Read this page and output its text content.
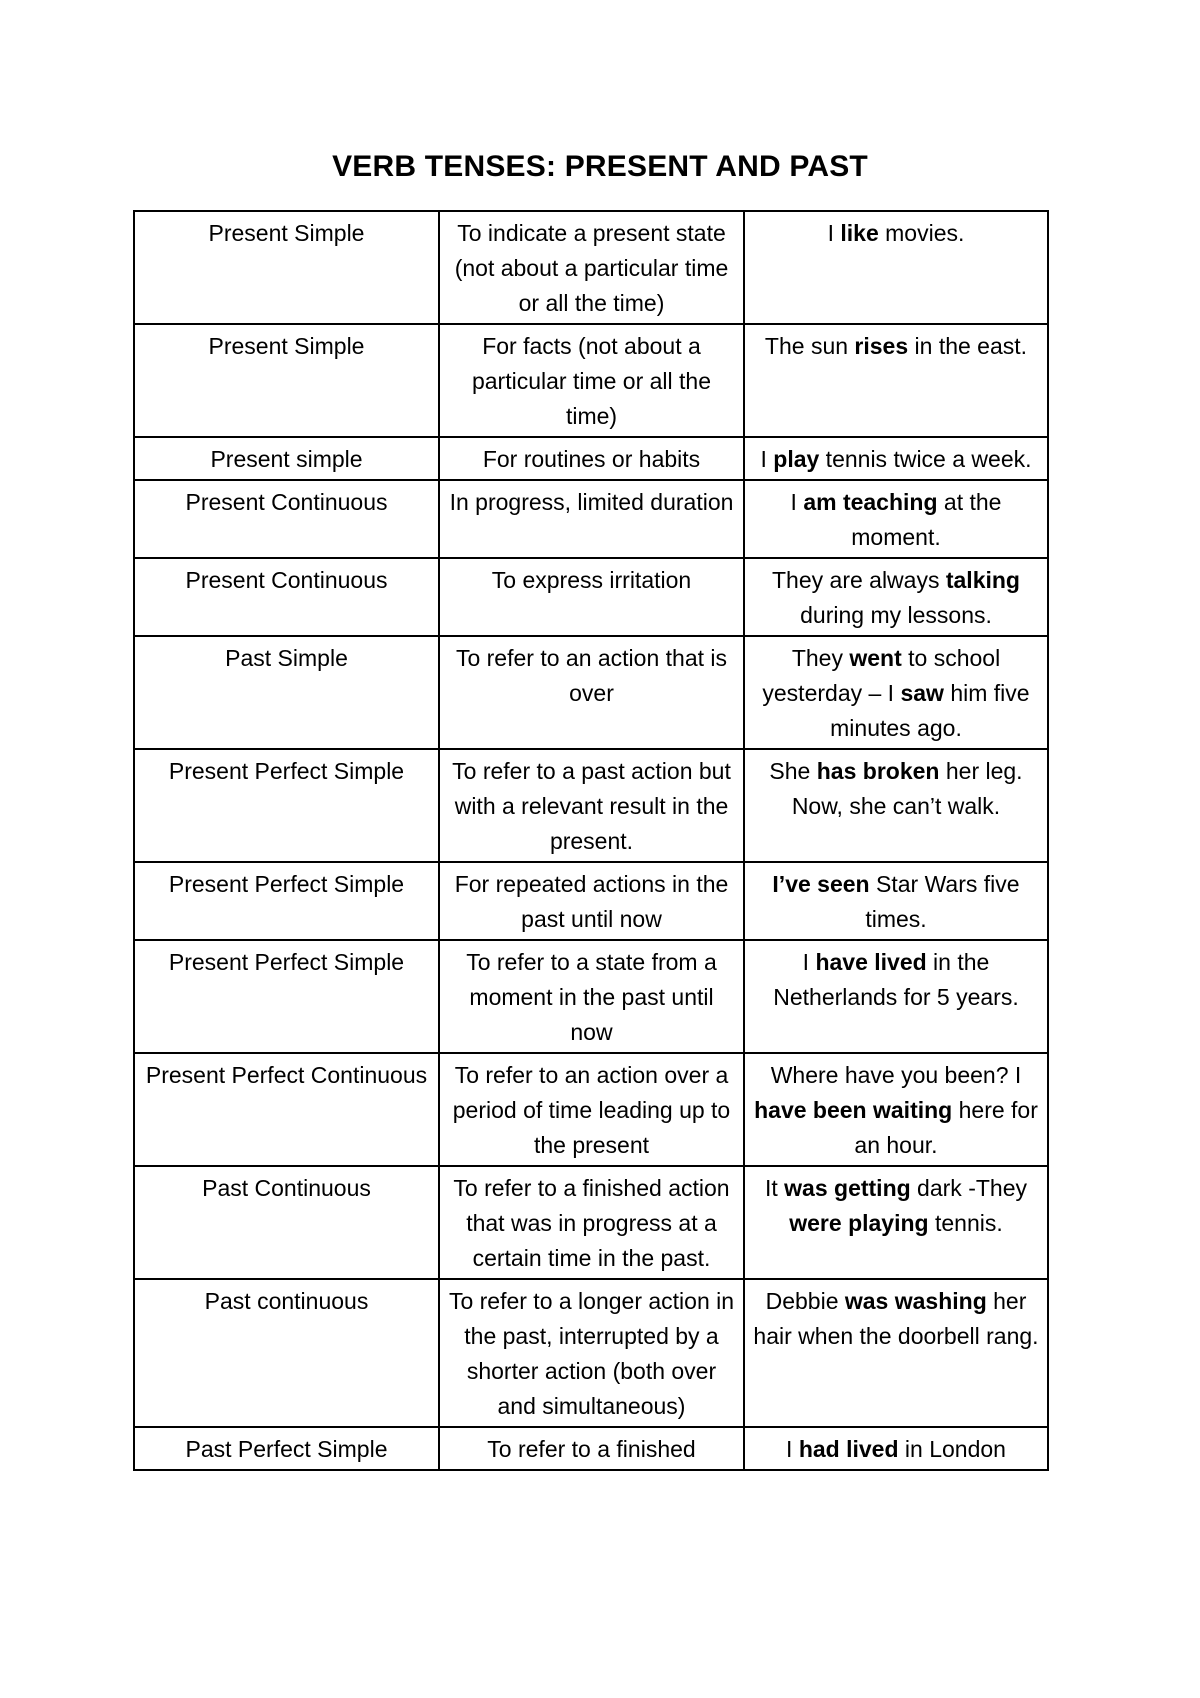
VERB TENSES: PRESENT AND PAST
Present Simple	To indicate a present state (not about a particular time or all the time)	I like movies.
Present Simple	For facts (not about a particular time or all the time)	The sun rises in the east.
Present simple	For routines or habits	I play tennis twice a week.
Present Continuous	In progress, limited duration	I am teaching at the moment.
Present Continuous	To express irritation	They are always talking during my lessons.
Past Simple	To refer to an action that is over	They went to school yesterday – I saw him five minutes ago.
Present Perfect Simple	To refer to a past action but with a relevant result in the present.	She has broken her leg. Now, she can’t walk.
Present Perfect Simple	For repeated actions in the past until now	I’ve seen Star Wars five times.
Present Perfect Simple	To refer to a state from a moment in the past until now	I have lived in the Netherlands for 5 years.
Present Perfect Continuous	To refer to an action over a period of time leading up to the present	Where have you been? I have been waiting here for an hour.
Past Continuous	To refer to a finished action that was in progress at a certain time in the past.	It was getting dark -They were playing tennis.
Past continuous	To refer to a longer action in the past, interrupted by a shorter action (both over and simultaneous)	Debbie was washing her hair when the doorbell rang.
Past Perfect Simple	To refer to a finished	I had lived in London
